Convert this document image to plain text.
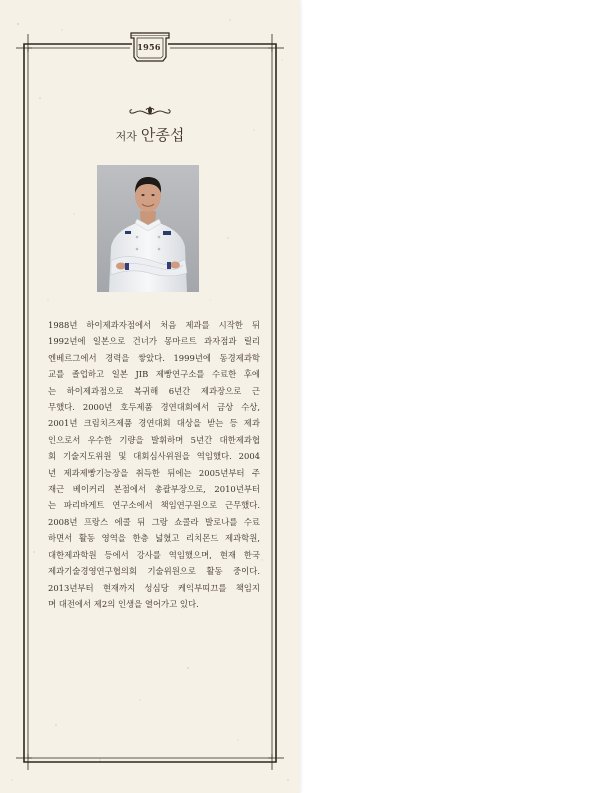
1956
저자 안종섭
1988년 하이제과자점에서 처음 제과를 시작한 뒤
1992년에 일본으로 건너가 몽마르트 과자점과 릴리
엔베르그에서 경력을 쌓았다. 1999년에 동경제과학
교를 졸업하고 일본 JIB 제빵연구소를 수료한 후에
는 하이제과점으로 복귀해 6년간 제과장으로 근
무했다. 2000년 호두제품 경연대회에서 금상 수상,
2001년 크림치즈제품 경연대회 대상을 받는 등 제과
인으로서 우수한 기량을 발휘하며 5년간 대한제과협
회 기술지도위원 및 대회심사위원을 역임했다. 2004
년 제과제빵기능장을 취득한 뒤에는 2005년부터 주
재근 베이커리 본점에서 총괄부장으로, 2010년부터
는 파리바게트 연구소에서 책임연구원으로 근무했다.
2008년 프랑스 에콜 뒤 그랑 쇼콜라 발로나를 수료
하면서 활동 영역을 한층 넓혔고 리치몬드 제과학원,
대한제과학원 등에서 강사를 역임했으며, 현재 한국
제과기술경영연구협의회 기술위원으로 활동 중이다.
2013년부터 현재까지 성심당 케익부띠끄를 책임지
며 대전에서 제2의 인생을 열어가고 있다.
